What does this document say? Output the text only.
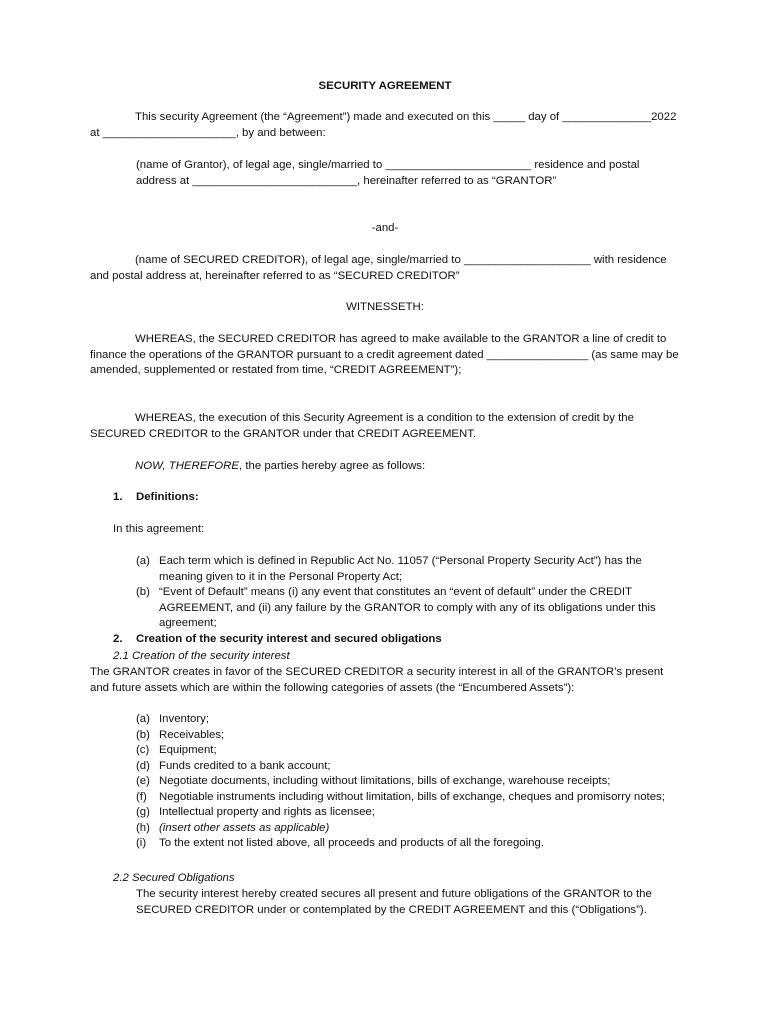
SECURITY AGREEMENT

This security Agreement (the “Agreement”) made and executed on this _____ day of ______________2022 at _____________________, by and between:

(name of Grantor), of legal age, single/married to _______________________ residence and postal address at __________________________, hereinafter referred to as “GRANTOR”

-and-

(name of SECURED CREDITOR), of legal age, single/married to ____________________ with residence and postal address at, hereinafter referred to as “SECURED CREDITOR”

WITNESSETH:

WHEREAS, the SECURED CREDITOR has agreed to make available to the GRANTOR a line of credit to finance the operations of the GRANTOR pursuant to a credit agreement dated ________________ (as same may be amended, supplemented or restated from time, “CREDIT AGREEMENT”);

WHEREAS, the execution of this Security Agreement is a condition to the extension of credit by the SECURED CREDITOR to the GRANTOR under that CREDIT AGREEMENT.

NOW, THEREFORE, the parties hereby agree as follows:

1. Definitions:

In this agreement:

(a) Each term which is defined in Republic Act No. 11057 (“Personal Property Security Act”) has the meaning given to it in the Personal Property Act;
(b) “Event of Default” means (i) any event that constitutes an “event of default” under the CREDIT AGREEMENT, and (ii) any failure by the GRANTOR to comply with any of its obligations under this agreement;
2. Creation of the security interest and secured obligations

2.1 Creation of the security interest

The GRANTOR creates in favor of the SECURED CREDITOR a security interest in all of the GRANTOR’s present and future assets which are within the following categories of assets (the “Encumbered Assets”):

(a) Inventory;
(b) Receivables;
(c) Equipment;
(d) Funds credited to a bank account;
(e) Negotiate documents, including without limitations, bills of exchange, warehouse receipts;
(f) Negotiable instruments including without limitation, bills of exchange, cheques and promisorry notes;
(g) Intellectual property and rights as licensee;
(h) (insert other assets as applicable)
(i) To the extent not listed above, all proceeds and products of all the foregoing.

2.2 Secured Obligations

The security interest hereby created secures all present and future obligations of the GRANTOR to the SECURED CREDITOR under or contemplated by the CREDIT AGREEMENT and this (“Obligations”).
